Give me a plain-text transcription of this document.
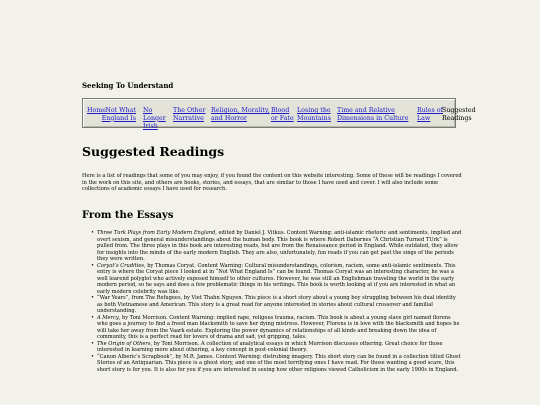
Seeking To Understand
Home Not What England Is
No Longer Irish
The Other Narrative
Religion, Morality, and Horror
Blood or Fate
Losing the Mountains
Time and Relative Dimensions in Culture
Rules of Law
Suggested Readings
Suggested Readings

Here is a list of readings that some of you may enjoy, if you found the content on this website interesting. Some of these will be readings I covered in the work on this site, and others are books, stories, and essays, that are similar to those I have used and cover. I will also include some collections of academic essays I have used for research.

From the Essays
• Three Turk Plays from Early Modern England, edited by Daniel J. Vitkus. Content Warning: anti-islamic rhetoric and sentiments, implied and overt sexism, and general misunderstandings about the human body. This book is where Robert Dabornes “A Christian Turned TUrk” is pulled from. The three plays in this book are interesting reads, but are from the Renaissance period in England. While outdated, they allow for insights into the minds of the early modern English. They are also, unfortunately, fun reads if you can get past the sings of the periods they were written.
• Coryat’s Crudities, by Thomas Coryat. Content Warning: Cultural misunderstandings, colorism, racism, some anti-islamic sentiments. This entry is where the Coryat piece I looked at in “Not What England Is” can be found. Thomas Coryat was an interesting character, he was a well learend polyglot who actively exposed himself to other cultures. However, he was still an Englishman traveling the world in the early modern period, so he says and does a few problematic things in his writings. This book is worth looking at if you are interested in what an early modern celebrity was like.
• “War Years”, from The Refugees, by Viet Thahn Nguyen. This piece is a short story about a young boy struggling between his dual identity as both Vietnamese and American. This story is a great read for anyone interested in stories about cultural crossover and familial understanding.
• A Mercy, by Toni Morrison. Content Warning: implied rape, religous trauma, racism. This book is about a young slave girl named florens who goes a journey to find a freed man blacksmith to save her dying mistress. However, Florens is in love with the blacksmith and hopes he will take her away from the Vaark estate. Exploring the power dynamics of relationships of all kinds and breaking down the idea of community, this is a perfect read for lovers of drama and sad, yet gripping, tales.
• The Origin of Others, by Toni Morrison. A collection of analytical essays in which Morrison discusses othering. Great choice for those interested in learning more about othering, a key concept in post-colonial theory.
• “Canon Alberic's Scrapbook”, by M.R. James. Content Warning: distrubing imagery. This short story can be found in a collection titled Ghost Stories of an Antiquarian. This piece is a ghost story, and one of the most terrifying ones I have read. For those wanting a good scare, this short story is for you. It is also for you if you are interested in seeing how other religions viewed Catholicism in the early 1900s in England.
